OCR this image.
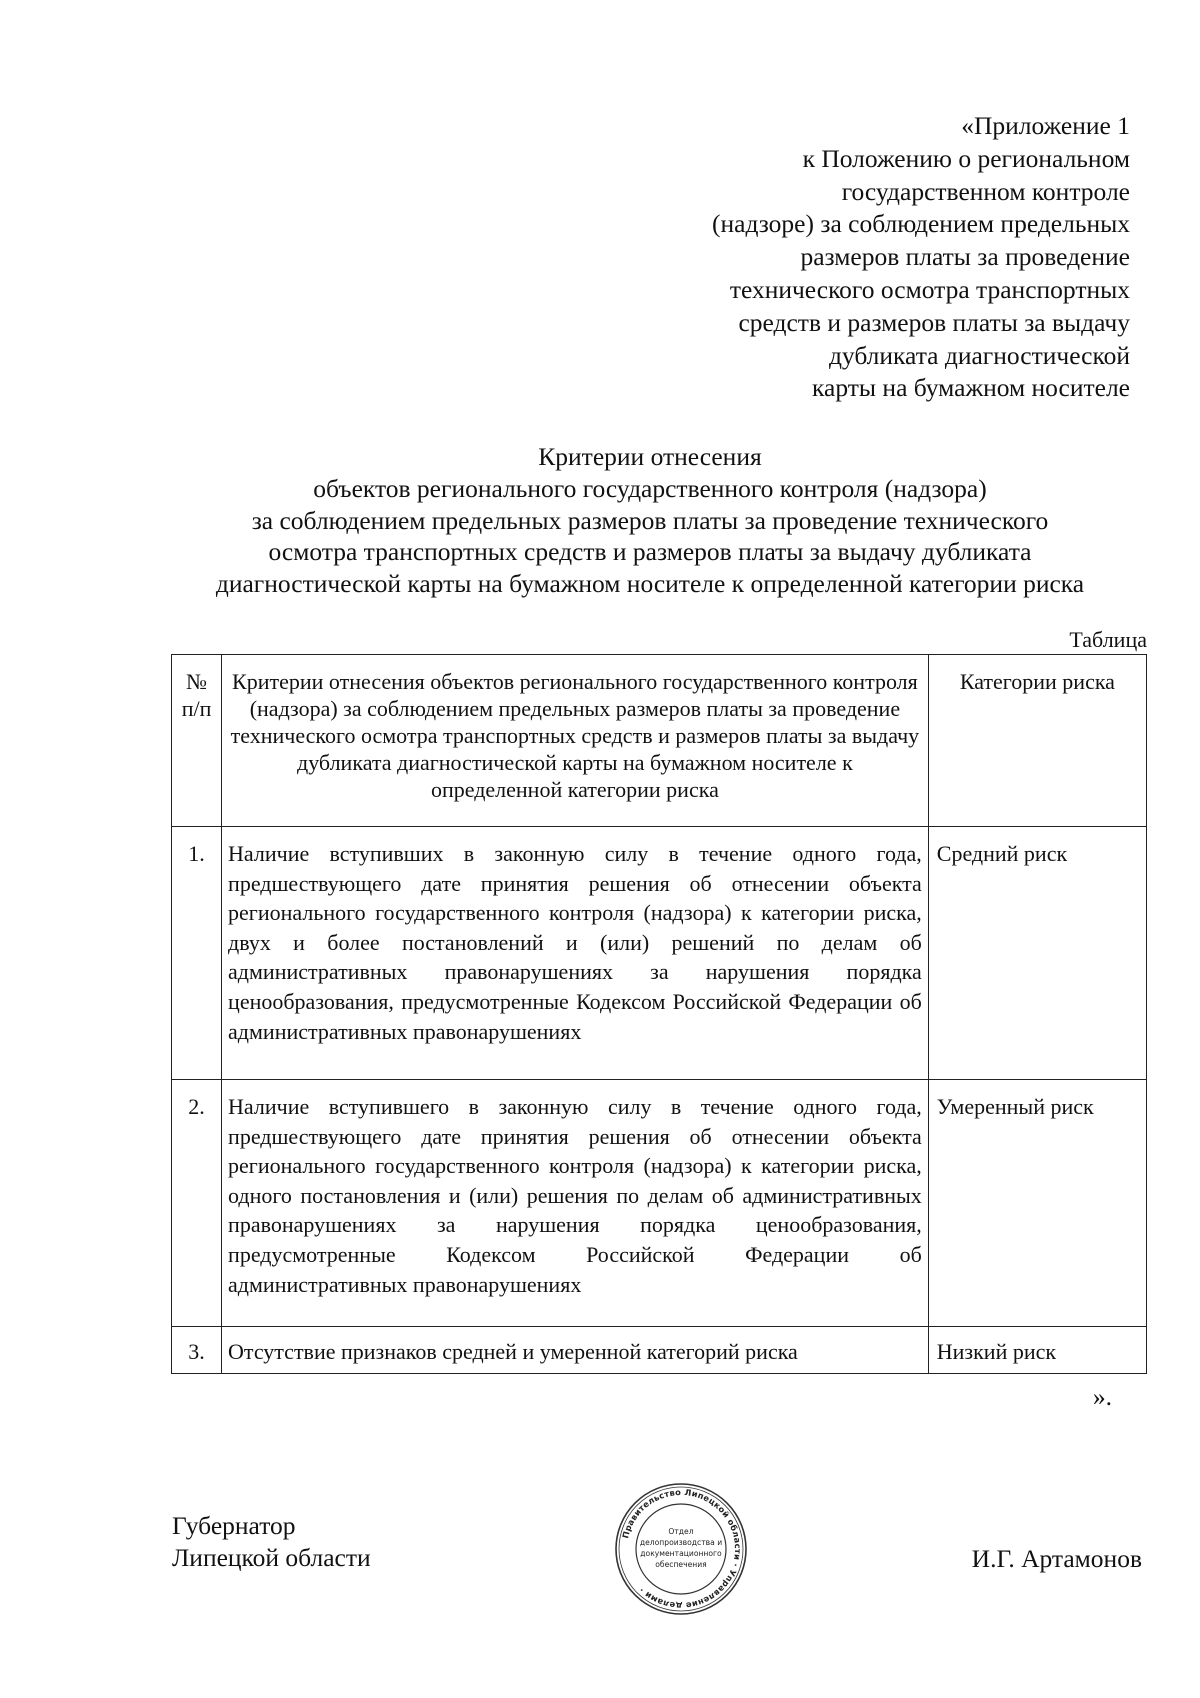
«Приложение 1
к Положению о региональном
государственном контроле
(надзоре) за соблюдением предельных
размеров платы за проведение
технического осмотра транспортных
средств и размеров платы за выдачу
дубликата диагностической
карты на бумажном носителе
Критерии отнесения
объектов регионального государственного контроля (надзора)
за соблюдением предельных размеров платы за проведение технического
осмотра транспортных средств и размеров платы за выдачу дубликата
диагностической карты на бумажном носителе к определенной категории риска
Таблица
№ п/п	Критерии отнесения объектов регионального государственного контроля (надзора) за соблюдением предельных размеров платы за проведение технического осмотра транспортных средств и размеров платы за выдачу дубликата диагностической карты на бумажном носителе к определенной категории риска	Категории риска
1.	Наличие вступивших в законную силу в течение одного года, предшествующего дате принятия решения об отнесении объекта регионального государственного контроля (надзора) к категории риска, двух и более постановлений и (или) решений по делам об административных правонарушениях за нарушения порядка ценообразования, предусмотренные Кодексом Российской Федерации об административных правонарушениях	Средний риск
2.	Наличие вступившего в законную силу в течение одного года, предшествующего дате принятия решения об отнесении объекта регионального государственного контроля (надзора) к категории риска, одного постановления и (или) решения по делам об административных правонарушениях за нарушения порядка ценообразования, предусмотренные Кодексом Российской Федерации об административных правонарушениях	Умеренный риск
3.	Отсутствие признаков средней и умеренной категорий риска	Низкий риск
».
Губернатор
Липецкой области
Правительство Липецкой области · Управление делами ·
Отдел
делопроизводства и
документационного
обеспечения	И.Г. Артамонов
